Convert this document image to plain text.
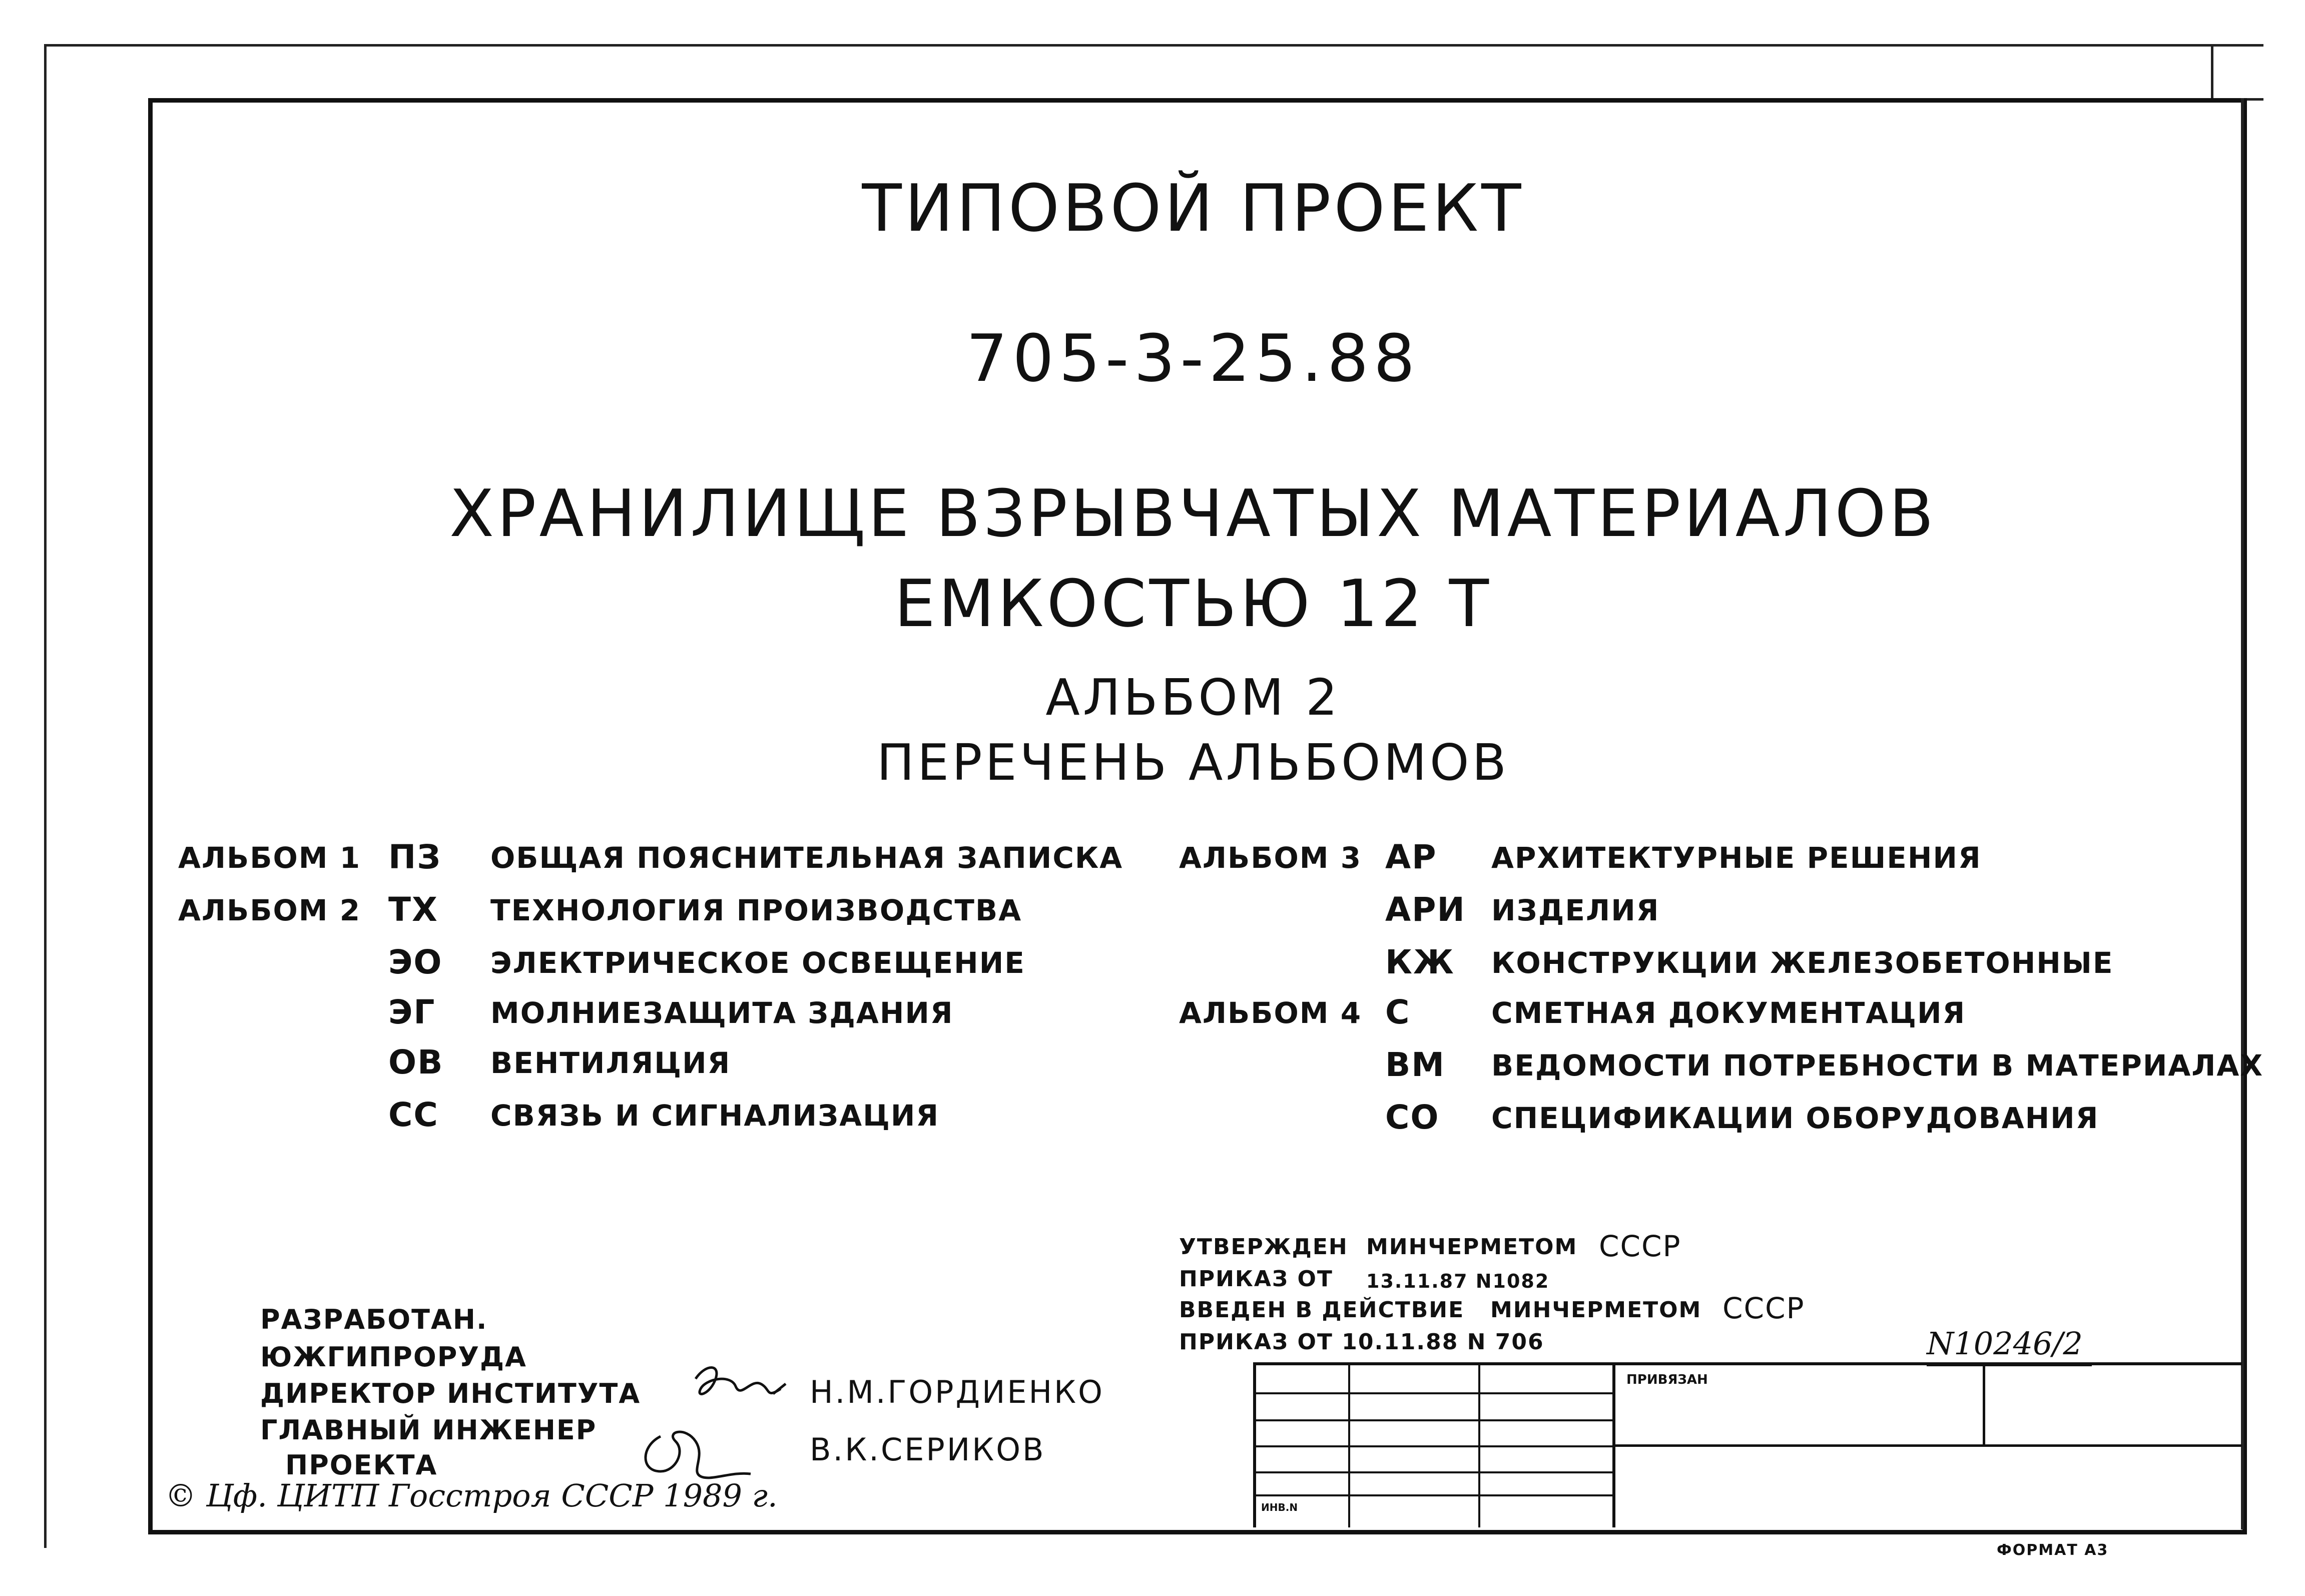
ТИПОВОЙ ПРОЕКТ
705-3-25.88
ХРАНИЛИЩЕ ВЗРЫВЧАТЫХ МАТЕРИАЛОВ
ЕМКОСТЬЮ 12 Т
АЛЬБОМ 2
ПЕРЕЧЕНЬ АЛЬБОМОВ
АЛЬБОМ 1 ПЗ ОБЩАЯ ПОЯСНИТЕЛЬНАЯ ЗАПИСКА
АЛЬБОМ 2 ТХ ТЕХНОЛОГИЯ ПРОИЗВОДСТВА
ЭО ЭЛЕКТРИЧЕСКОЕ ОСВЕЩЕНИЕ
ЭГ МОЛНИЕЗАЩИТА ЗДАНИЯ
ОВ ВЕНТИЛЯЦИЯ
СС СВЯЗЬ И СИГНАЛИЗАЦИЯ
АЛЬБОМ 3 АР АРХИТЕКТУРНЫЕ РЕШЕНИЯ
АРИ ИЗДЕЛИЯ
КЖ КОНСТРУКЦИИ ЖЕЛЕЗОБЕТОННЫЕ
АЛЬБОМ 4 С	СМЕТНАЯ ДОКУМЕНТАЦИЯ
ВМ ВЕДОМОСТИ ПОТРЕБНОСТИ В МАТЕРИАЛАХ
СО СПЕЦИФИКАЦИИ ОБОРУДОВАНИЯ
УТВЕРЖДЕН МИНЧЕРМЕТОМ СССР
ПРИКАЗ ОТ 13.11.87 N1082
ВВЕДЕН В ДЕЙСТВИЕ МИНЧЕРМЕТОМ СССР
ПРИКАЗ ОТ 10.11.88 N 706	N10246/2
РАЗРАБОТАН.
ЮЖГИПРОРУДА
ДИРЕКТОР ИНСТИТУТА
ГЛАВНЫЙ ИНЖЕНЕР
ПРОЕКТА
Н.М.ГОРДИЕНКО
В.К.СЕРИКОВ
© Цф. ЦИТП Госстроя СССР 1989 г.
ПРИВЯЗАН
ИНВ.N
ФОРМАТ А3
